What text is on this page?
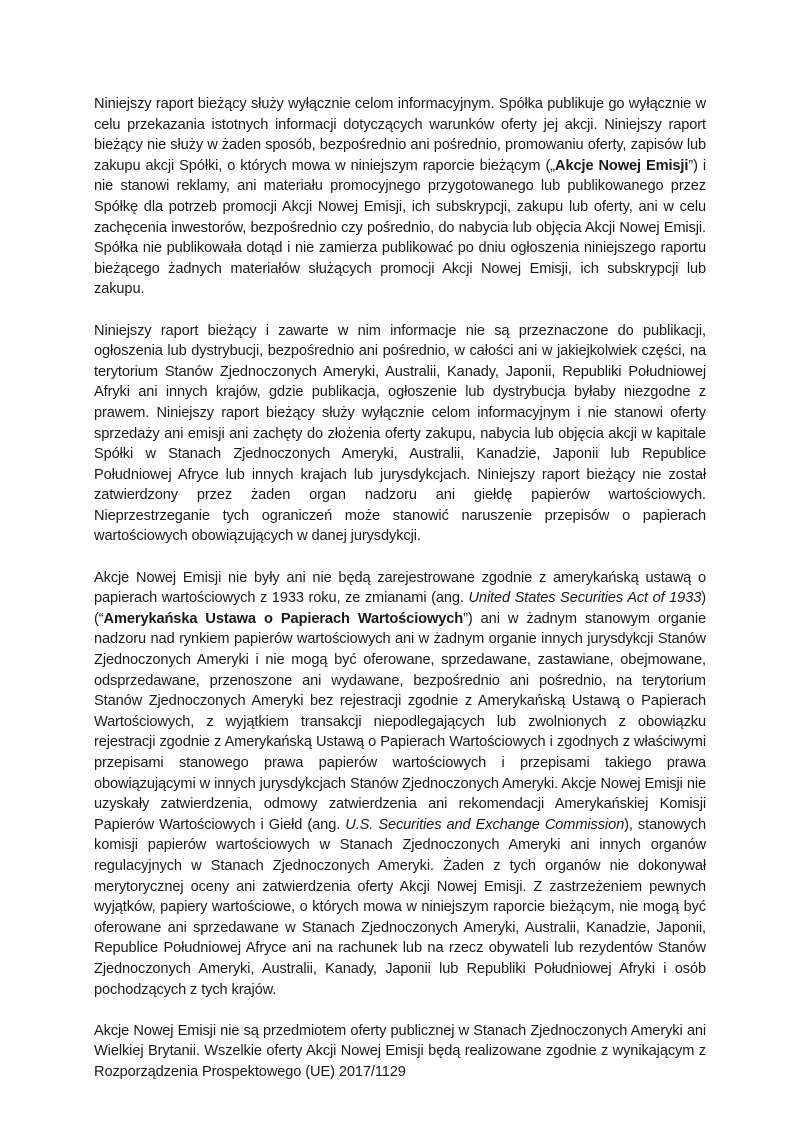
Niniejszy raport bieżący służy wyłącznie celom informacyjnym. Spółka publikuje go wyłącznie w celu przekazania istotnych informacji dotyczących warunków oferty jej akcji. Niniejszy raport bieżący nie służy w żaden sposób, bezpośrednio ani pośrednio, promowaniu oferty, zapisów lub zakupu akcji Spółki, o których mowa w niniejszym raporcie bieżącym („Akcje Nowej Emisji”) i nie stanowi reklamy, ani materiału promocyjnego przygotowanego lub publikowanego przez Spółkę dla potrzeb promocji Akcji Nowej Emisji, ich subskrypcji, zakupu lub oferty, ani w celu zachęcenia inwestorów, bezpośrednio czy pośrednio, do nabycia lub objęcia Akcji Nowej Emisji. Spółka nie publikowała dotąd i nie zamierza publikować po dniu ogłoszenia niniejszego raportu bieżącego żadnych materiałów służących promocji Akcji Nowej Emisji, ich subskrypcji lub zakupu.

Niniejszy raport bieżący i zawarte w nim informacje nie są przeznaczone do publikacji, ogłoszenia lub dystrybucji, bezpośrednio ani pośrednio, w całości ani w jakiejkolwiek części, na terytorium Stanów Zjednoczonych Ameryki, Australii, Kanady, Japonii, Republiki Południowej Afryki ani innych krajów, gdzie publikacja, ogłoszenie lub dystrybucja byłaby niezgodne z prawem. Niniejszy raport bieżący służy wyłącznie celom informacyjnym i nie stanowi oferty sprzedaży ani emisji ani zachęty do złożenia oferty zakupu, nabycia lub objęcia akcji w kapitale Spółki w Stanach Zjednoczonych Ameryki, Australii, Kanadzie, Japonii lub Republice Południowej Afryce lub innych krajach lub jurysdykcjach. Niniejszy raport bieżący nie został zatwierdzony przez żaden organ nadzoru ani giełdę papierów wartościowych. Nieprzestrzeganie tych ograniczeń może stanowić naruszenie przepisów o papierach wartościowych obowiązujących w danej jurysdykcji.

Akcje Nowej Emisji nie były ani nie będą zarejestrowane zgodnie z amerykańską ustawą o papierach wartościowych z 1933 roku, ze zmianami (ang. United States Securities Act of 1933) (“Amerykańska Ustawa o Papierach Wartościowych”) ani w żadnym stanowym organie nadzoru nad rynkiem papierów wartościowych ani w żadnym organie innych jurysdykcji Stanów Zjednoczonych Ameryki i nie mogą być oferowane, sprzedawane, zastawiane, obejmowane, odsprzedawane, przenoszone ani wydawane, bezpośrednio ani pośrednio, na terytorium Stanów Zjednoczonych Ameryki bez rejestracji zgodnie z Amerykańską Ustawą o Papierach Wartościowych, z wyjątkiem transakcji niepodlegających lub zwolnionych z obowiązku rejestracji zgodnie z Amerykańską Ustawą o Papierach Wartościowych i zgodnych z właściwymi przepisami stanowego prawa papierów wartościowych i przepisami takiego prawa obowiązującymi w innych jurysdykcjach Stanów Zjednoczonych Ameryki. Akcje Nowej Emisji nie uzyskały zatwierdzenia, odmowy zatwierdzenia ani rekomendacji Amerykańskiej Komisji Papierów Wartościowych i Giełd (ang. U.S. Securities and Exchange Commission), stanowych komisji papierów wartościowych w Stanach Zjednoczonych Ameryki ani innych organów regulacyjnych w Stanach Zjednoczonych Ameryki. Żaden z tych organów nie dokonywał merytorycznej oceny ani zatwierdzenia oferty Akcji Nowej Emisji. Z zastrzeżeniem pewnych wyjątków, papiery wartościowe, o których mowa w niniejszym raporcie bieżącym, nie mogą być oferowane ani sprzedawane w Stanach Zjednoczonych Ameryki, Australii, Kanadzie, Japonii, Republice Południowej Afryce ani na rachunek lub na rzecz obywateli lub rezydentów Stanów Zjednoczonych Ameryki, Australii, Kanady, Japonii lub Republiki Południowej Afryki i osób pochodzących z tych krajów.

Akcje Nowej Emisji nie są przedmiotem oferty publicznej w Stanach Zjednoczonych Ameryki ani Wielkiej Brytanii. Wszelkie oferty Akcji Nowej Emisji będą realizowane zgodnie z wynikającym z Rozporządzenia Prospektowego (UE) 2017/1129
